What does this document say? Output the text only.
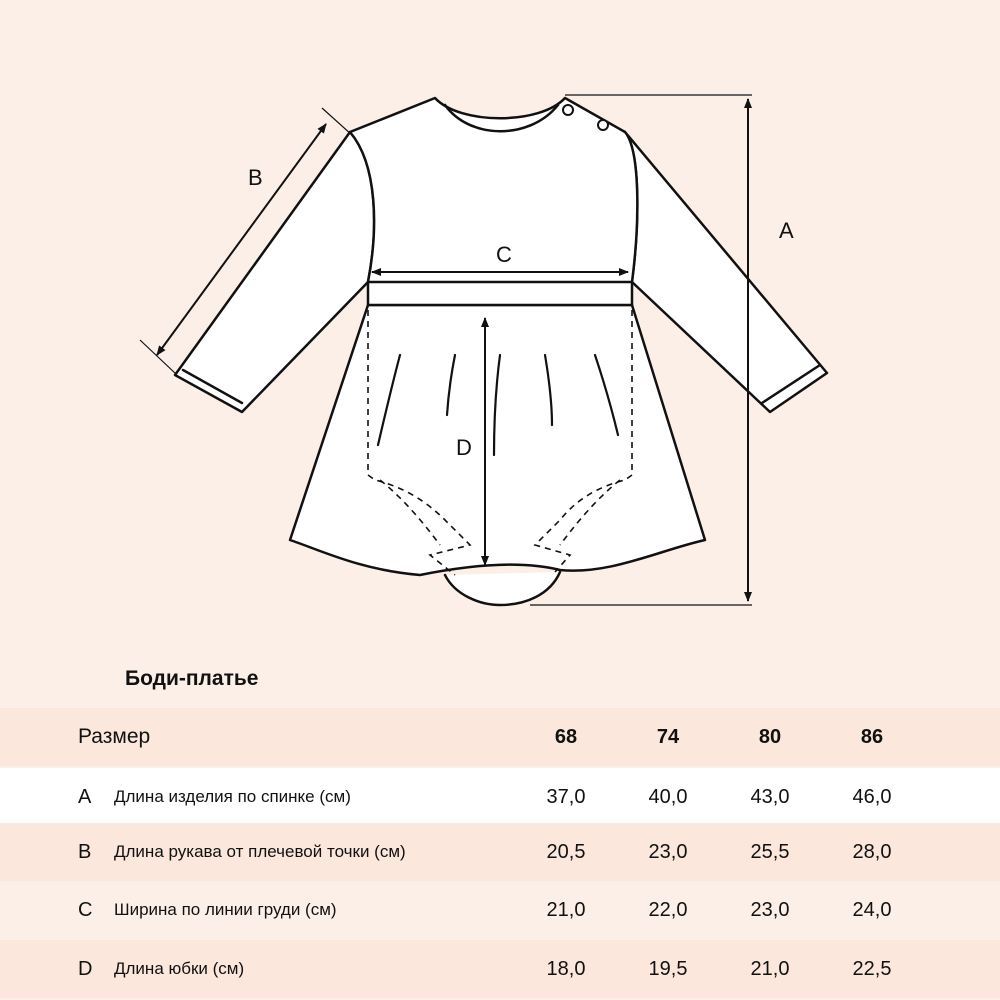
A
B
C
D
Боди-платье
Размер	68	74	80	86
A Длина изделия по спинке (см)	37,0	40,0	43,0	46,0
B Длина рукава от плечевой точки (см)	20,5	23,0	25,5	28,0
C Ширина по линии груди (см)	21,0	22,0	23,0	24,0
D Длина юбки (см)	18,0	19,5	21,0	22,5
